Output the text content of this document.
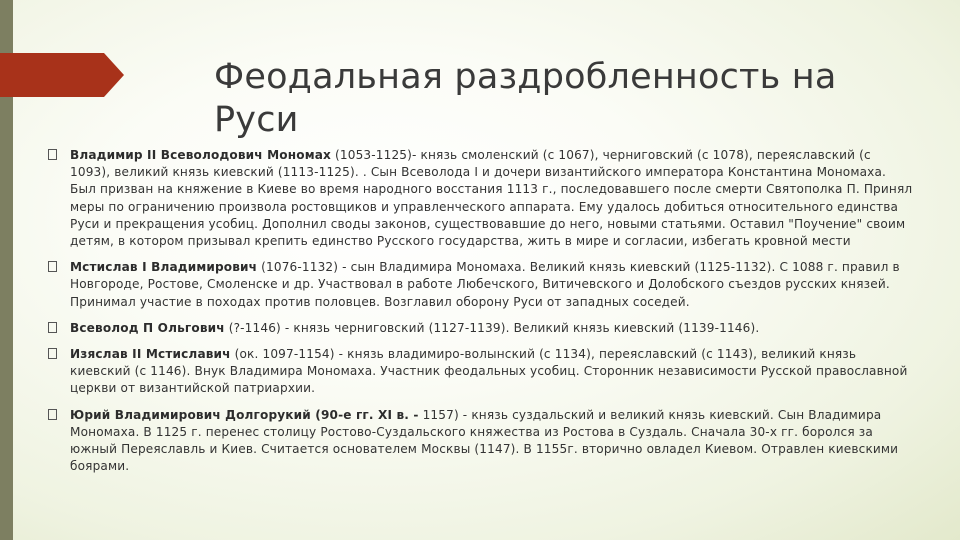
Феодальная раздробленность на
Руси
Владимир II Всеволодович Мономах (1053-1125)- князь смоленский (с 1067), черниговский (с 1078), переяславский (с 1093), великий князь киевский (1113-1125). . Сын Всеволода I и дочери византийского императора Константина Мономаха. Был призван на княжение в Киеве во время народного восстания 1113 г., последовавшего после смерти Святополка П. Принял меры по ограничению произвола ростовщиков и управленческого аппарата. Ему удалось добиться относительного единства Руси и прекращения усобиц. Дополнил своды законов, существовавшие до него, новыми статьями. Оставил "Поучение" своим детям, в котором призывал крепить единство Русского государства, жить в мире и согласии, избегать кровной мести
Мстислав I Владимирович (1076-1132) - сын Владимира Мономаха. Великий князь киевский (1125-1132). С 1088 г. правил в Новгороде, Ростове, Смоленске и др. Участвовал в работе Любечского, Витичевского и Долобского съездов русских князей. Принимал участие в походах против половцев. Возглавил оборону Руси от западных соседей.
Всеволод П Ольгович (?-1146) - князь черниговский (1127-1139). Великий князь киевский (1139-1146).
Изяслав II Мстиславич (ок. 1097-1154) - князь владимиро-волынский (с 1134), переяславский (с 1143), великий князь киевский (с 1146). Внук Владимира Мономаха. Участник феодальных усобиц. Сторонник независимости Русской православной церкви от византийской патриархии.
Юрий Владимирович Долгорукий (90-е гг. XI в. - 1157) - князь суздальский и великий князь киевский. Сын Владимира Мономаха. В 1125 г. перенес столицу Ростово-Суздальского княжества из Ростова в Суздаль. Сначала 30-х гг. боролся за южный Переяславль и Киев. Считается основателем Москвы (1147). В 1155г. вторично овладел Киевом. Отравлен киевскими боярами.
